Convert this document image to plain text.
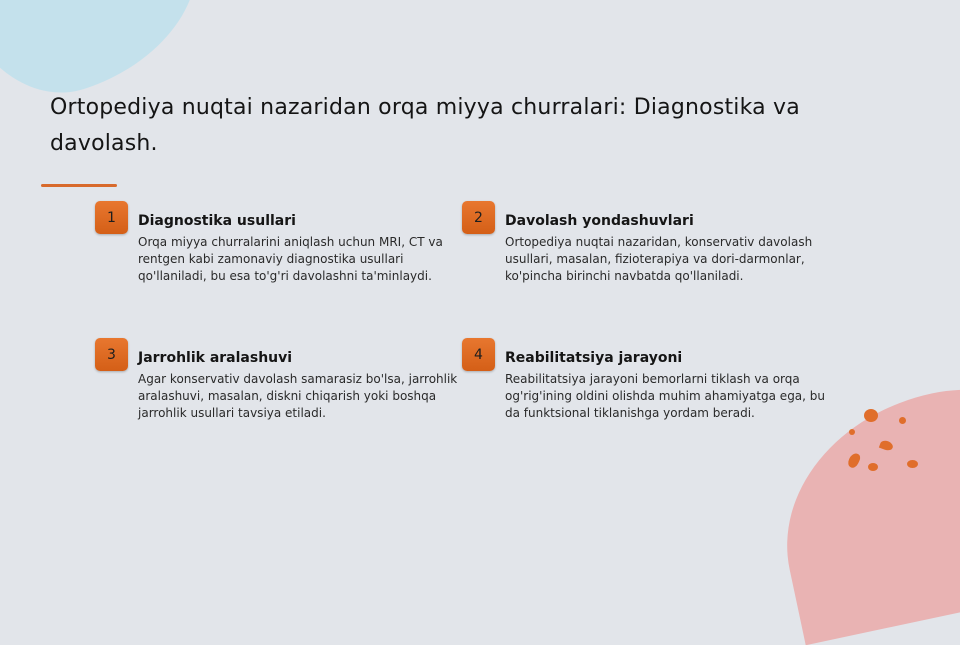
Ortopediya nuqtai nazaridan orqa miyya churralari: Diagnostika va davolash.
1	Diagnostika usullari
Orqa miyya churralarini aniqlash uchun MRI, CT va rentgen kabi zamonaviy diagnostika usullari qo'llaniladi, bu esa to'g'ri davolashni ta'minlaydi.
2	Davolash yondashuvlari
Ortopediya nuqtai nazaridan, konservativ davolash usullari, masalan, fizioterapiya va dori-darmonlar, ko'pincha birinchi navbatda qo'llaniladi.
3	Jarrohlik aralashuvi
Agar konservativ davolash samarasiz bo'lsa, jarrohlik aralashuvi, masalan, diskni chiqarish yoki boshqa jarrohlik usullari tavsiya etiladi.
4	Reabilitatsiya jarayoni
Reabilitatsiya jarayoni bemorlarni tiklash va orqa og'rig'ining oldini olishda muhim ahamiyatga ega, bu da funktsional tiklanishga yordam beradi.
